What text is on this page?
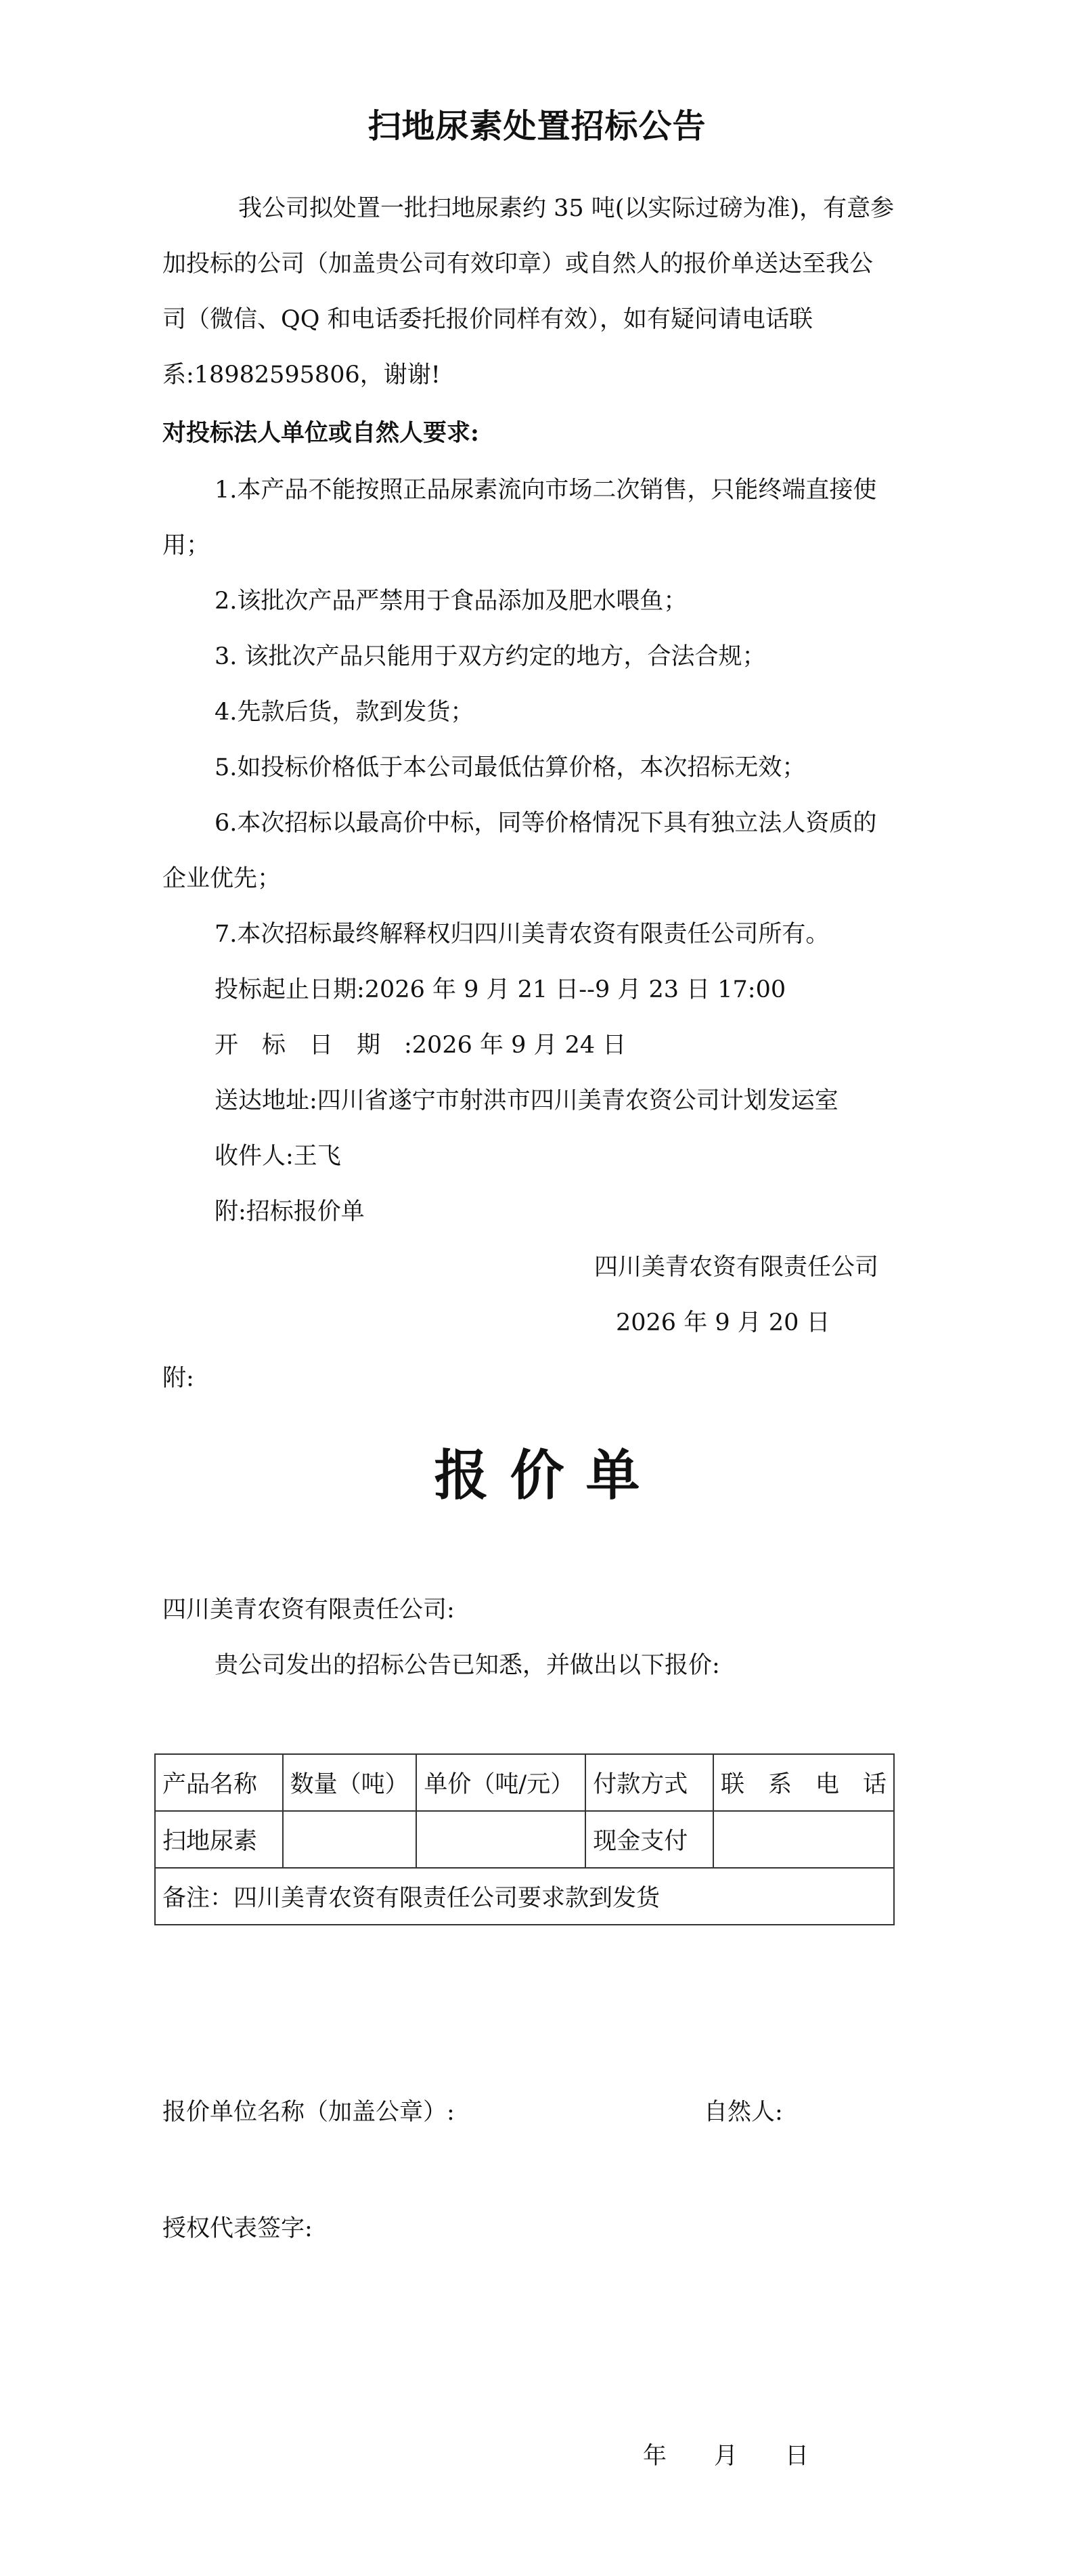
扫地尿素处置招标公告
我公司拟处置一批扫地尿素约 35 吨(以实际过磅为准)，有意参
加投标的公司（加盖贵公司有效印章）或自然人的报价单送达至我公
司（微信、QQ 和电话委托报价同样有效），如有疑问请电话联
系:18982595806，谢谢!
对投标法人单位或自然人要求:
1.本产品不能按照正品尿素流向市场二次销售，只能终端直接使
用；
2.该批次产品严禁用于食品添加及肥水喂鱼；
3. 该批次产品只能用于双方约定的地方，合法合规；
4.先款后货，款到发货；
5.如投标价格低于本公司最低估算价格，本次招标无效；
6.本次招标以最高价中标，同等价格情况下具有独立法人资质的
企业优先；
7.本次招标最终解释权归四川美青农资有限责任公司所有。
投标起止日期:2026 年 9 月 21 日--9 月 23 日 17:00
开　标　日　期　:2026 年 9 月 24 日
送达地址:四川省遂宁市射洪市四川美青农资公司计划发运室
收件人:王飞
附:招标报价单
四川美青农资有限责任公司
2026 年 9 月 20 日
附:
报 价 单
四川美青农资有限责任公司:
贵公司发出的招标公告已知悉，并做出以下报价:
产品名称	数量（吨）	单价（吨/元）	付款方式	联　系　电　话
扫地尿素			现金支付	
备注：四川美青农资有限责任公司要求款到发货				
报价单位名称（加盖公章）:	自然人:
授权代表签字:
年　　月　　日
